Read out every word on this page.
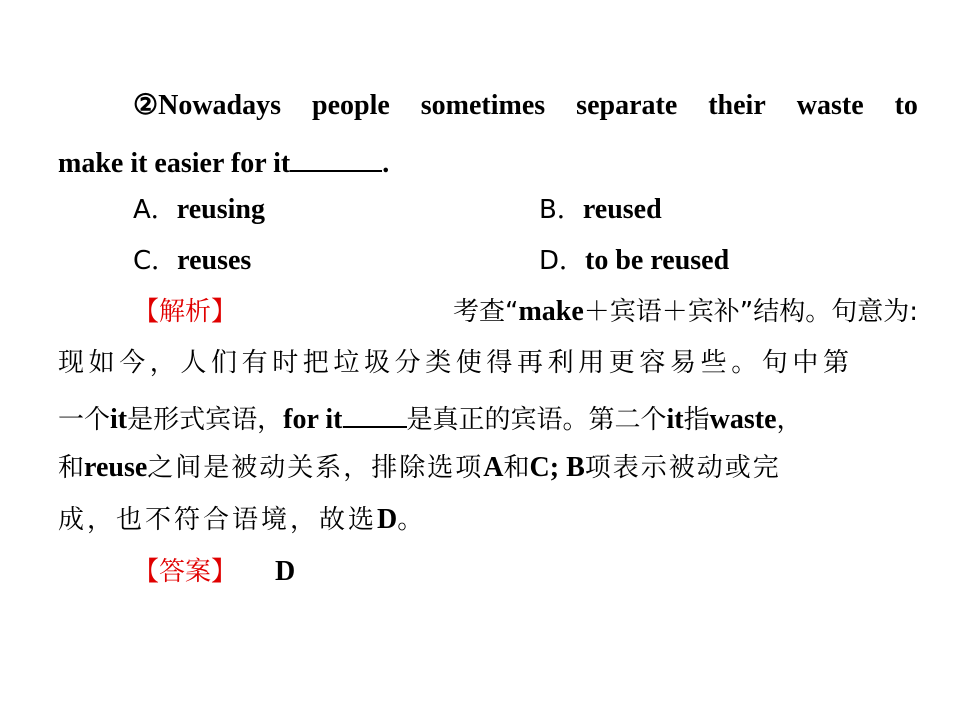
②Nowadays people sometimes separate their waste to
make it easier for it	.
A．reusing	B．reused
C．reuses	D．to be reused
【解析】	考查“make＋宾语＋宾补”结构。句意为:
现如今，人们有时把垃圾分类使得再利用更容易些。句中第
一个it是形式宾语，for it 是真正的宾语。第二个it指waste，
和reuse之间是被动关系，排除选项A和C; B项表示被动或完
成，也不符合语境，故选D。
【答案】 D
